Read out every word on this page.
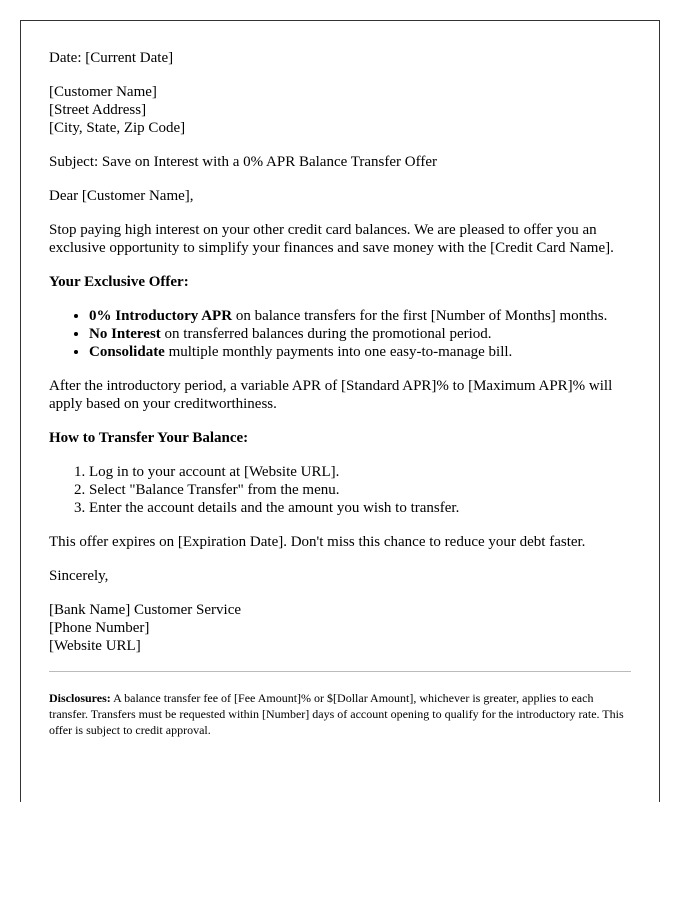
Date: [Current Date]

[Customer Name]

[Street Address]

[City, State, Zip Code]

Subject: Save on Interest with a 0% APR Balance Transfer Offer

Dear [Customer Name],

Stop paying high interest on your other credit card balances. We are pleased to offer you an exclusive opportunity to simplify your finances and save money with the [Credit Card Name].

Your Exclusive Offer:
• 0% Introductory APR on balance transfers for the first [Number of Months] months.
• No Interest on transferred balances during the promotional period.
• Consolidate multiple monthly payments into one easy-to-manage bill.

After the introductory period, a variable APR of [Standard APR]% to [Maximum APR]% will apply based on your creditworthiness.

How to Transfer Your Balance:
1. Log in to your account at [Website URL].
2. Select "Balance Transfer" from the menu.
3. Enter the account details and the amount you wish to transfer.

This offer expires on [Expiration Date]. Don't miss this chance to reduce your debt faster.

Sincerely,

[Bank Name] Customer Service

[Phone Number]

[Website URL]

Disclosures: A balance transfer fee of [Fee Amount]% or $[Dollar Amount], whichever is greater, applies to each transfer. Transfers must be requested within [Number] days of account opening to qualify for the introductory rate. This offer is subject to credit approval.
